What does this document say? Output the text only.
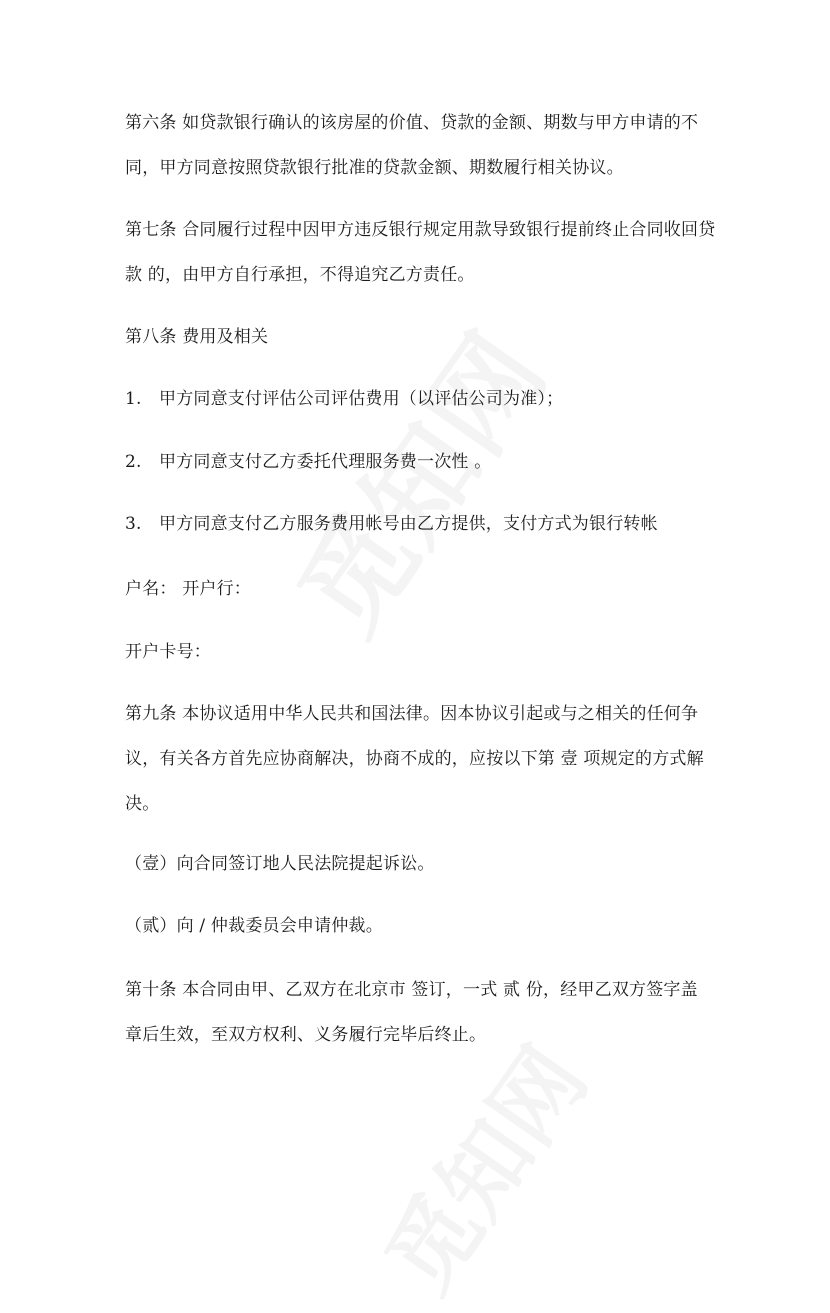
第六条 如贷款银行确认的该房屋的价值、贷款的金额、期数与甲方申请的不
同，甲方同意按照贷款银行批准的贷款金额、期数履行相关协议。
第七条 合同履行过程中因甲方违反银行规定用款导致银行提前终止合同收回贷
款 的，由甲方自行承担，不得追究乙方责任。
第八条 费用及相关
1. 甲方同意支付评估公司评估费用（以评估公司为准）；
2. 甲方同意支付乙方委托代理服务费一次性 。
3. 甲方同意支付乙方服务费用帐号由乙方提供，支付方式为银行转帐
户名： 开户行：
开户卡号：
第九条 本协议适用中华人民共和国法律。因本协议引起或与之相关的任何争
议，有关各方首先应协商解决，协商不成的，应按以下第 壹 项规定的方式解
决。
（壹）向合同签订地人民法院提起诉讼。
（贰）向 / 仲裁委员会申请仲裁。
第十条 本合同由甲、乙双方在北京市 签订，一式 贰 份，经甲乙双方签字盖
章后生效，至双方权利、义务履行完毕后终止。
